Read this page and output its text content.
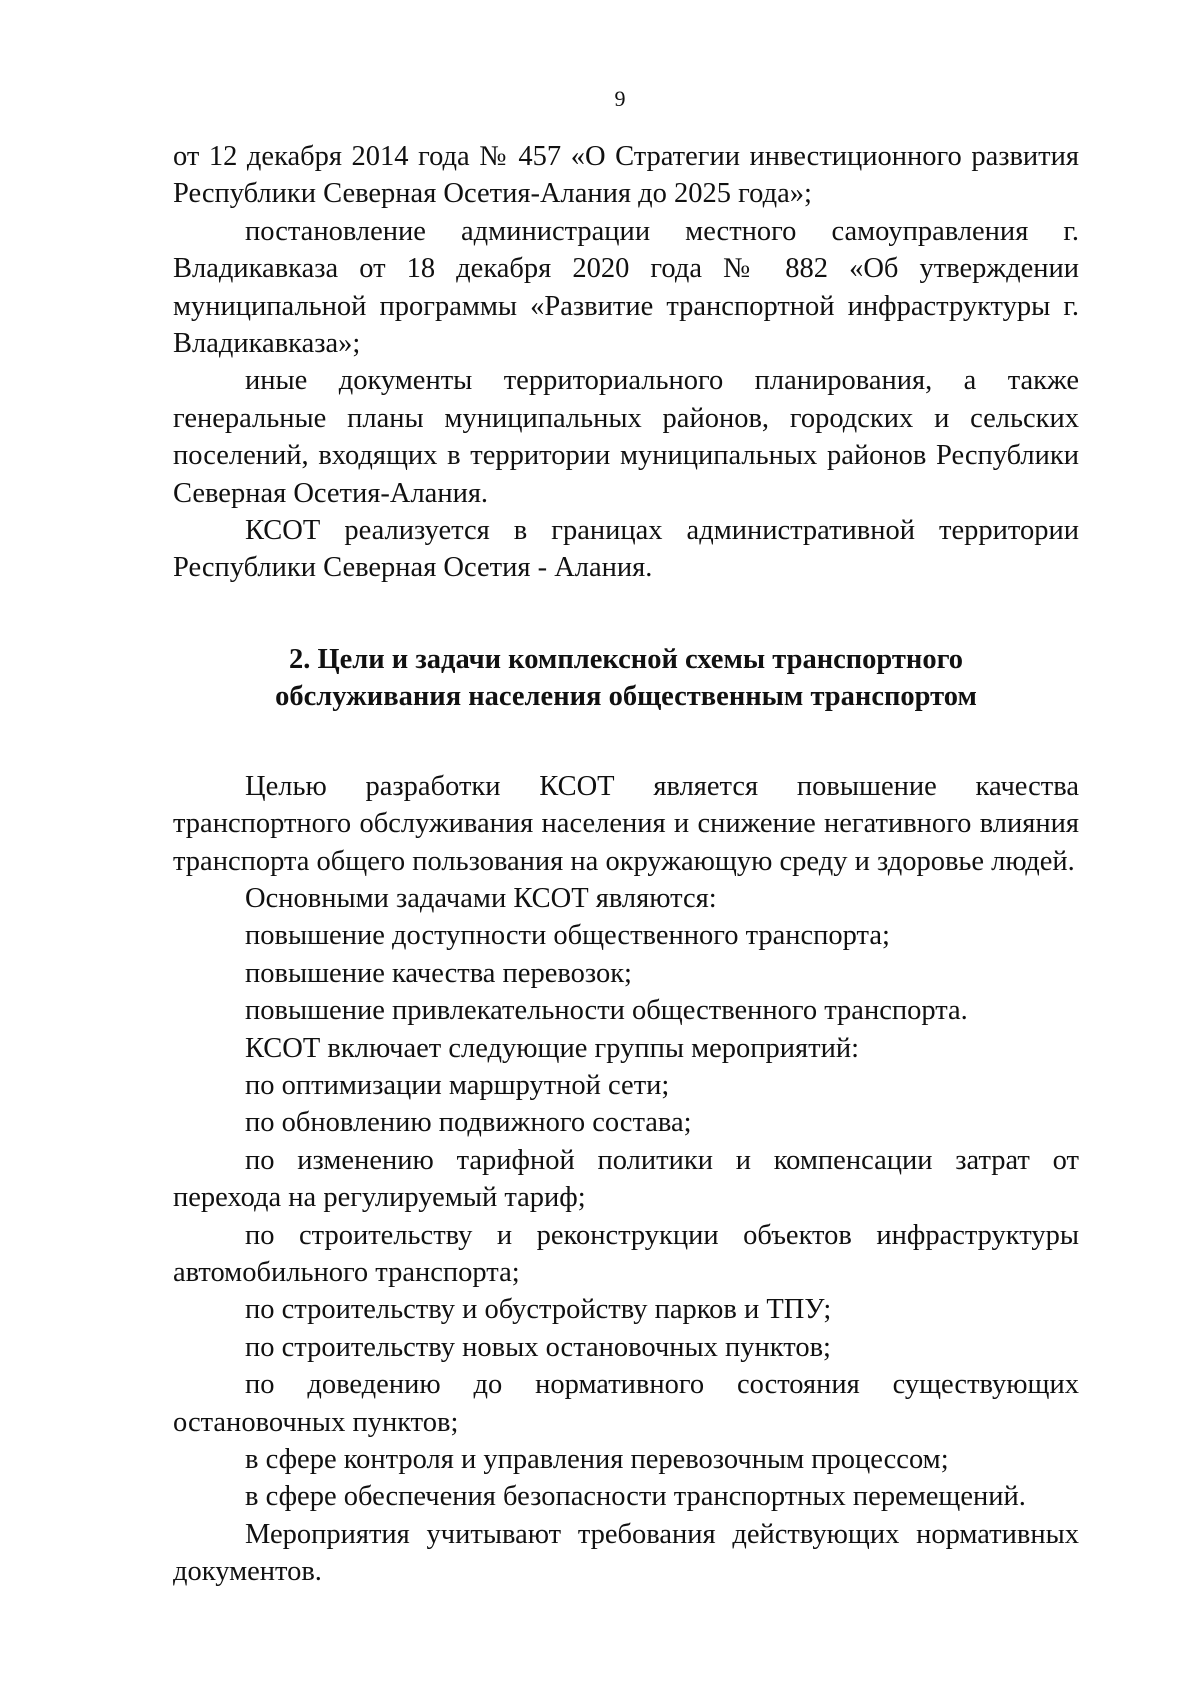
9

от 12 декабря 2014 года № 457 «О Стратегии инвестиционного развития Республики Северная Осетия-Алания до 2025 года»;

постановление администрации местного самоуправления г. Владикавказа от 18 декабря 2020 года № 882 «Об утверждении муниципальной программы «Развитие транспортной инфраструктуры г. Владикавказа»;

иные документы территориального планирования, а также генеральные планы муниципальных районов, городских и сельских поселений, входящих в территории муниципальных районов Республики Северная Осетия-Алания.

КСОТ реализуется в границах административной территории Республики Северная Осетия - Алания.

2. Цели и задачи комплексной схемы транспортного
обслуживания населения общественным транспортом

Целью разработки КСОТ является повышение качества транспортного обслуживания населения и снижение негативного влияния транспорта общего пользования на окружающую среду и здоровье людей.

Основными задачами КСОТ являются:

повышение доступности общественного транспорта;

повышение качества перевозок;

повышение привлекательности общественного транспорта.

КСОТ включает следующие группы мероприятий:

по оптимизации маршрутной сети;

по обновлению подвижного состава;

по изменению тарифной политики и компенсации затрат от перехода на регулируемый тариф;

по строительству и реконструкции объектов инфраструктуры автомобильного транспорта;

по строительству и обустройству парков и ТПУ;

по строительству новых остановочных пунктов;

по доведению до нормативного состояния существующих остановочных пунктов;

в сфере контроля и управления перевозочным процессом;

в сфере обеспечения безопасности транспортных перемещений.

Мероприятия учитывают требования действующих нормативных документов.
